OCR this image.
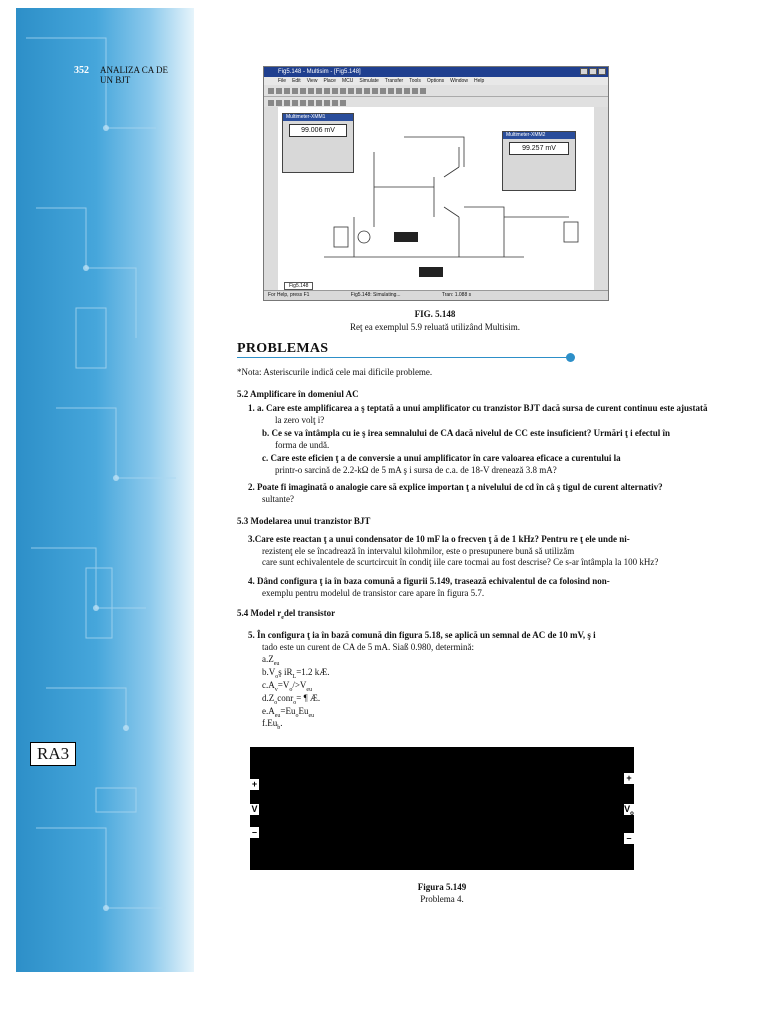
352 ANALIZA CA DE UN BJT
RA3
Fig5.148 - Multisim - [Fig5.148]
File Edit View Place MCU Simulate Transfer Tools Options Window Help
Multimeter-XMM1
99.006 mV
Multimeter-XMM2
99.257 mV
Fig5.148
For Help, press F1	Fig5.148: Simulating...	Tran: 1.088 s
FIG. 5.148
Reţ ea exemplul 5.9 reluată utilizând Multisim.
PROBLEMAS
*Nota: Asteriscurile indică cele mai dificile probleme.
5.2 Amplificare în domeniul AC
1. a. Care este amplificarea a ş teptată a unui amplificator cu tranzistor BJT dacă sursa de curent continuu este ajustată
la zero volţ i?
b. Ce se va întâmpla cu ie ş irea semnalului de CA dacă nivelul de CC este insuficient? Urmări ţ i efectul în
forma de undă.
c. Care este eficien ţ a de conversie a unui amplificator în care valoarea eficace a curentului la
printr-o sarcină de 2.2-kΩ de 5 mA ş i sursa de c.a. de 18-V drenează 3.8 mA?
2. Poate fi imaginată o analogie care să explice importan ţ a nivelului de cd în câ ş tigul de curent alternativ?
sultante?
5.3 Modelarea unui tranzistor BJT
3.Care este reactan ţ a unui condensator de 10 mF la o frecven ţ ă de 1 kHz? Pentru re ţ ele unde ni-
rezistenţ ele se încadrează în intervalul kilohmilor, este o presupunere bună să utilizăm
care sunt echivalentele de scurtcircuit în condiţ iile care tocmai au fost descrise? Ce s-ar întâmpla la 100 kHz?
4. Dând configura ţ ia în baza comună a figurii 5.149, trasează echivalentul de ca folosind non-
exemplu pentru modelul de transistor care apare în figura 5.7.
5.4 Model $r_edel$ transistor
5. În configura ţ ia în bază comună din figura 5.18, se aplică un semnal de AC de 10 mV, ş i
tado este un curent de CA de 5 mA. Siaß 0.980, determină:
$a.Z_{eu}$
$b.V_oş$ $iR_L=1.2$ kÆ.
$c.A_v=V_o/>V_{eu}$
$d.Z_oconr_o=$ ¶ Æ.
$e.A_{eu}=Eu_oEu_{eu}$
$f.Eu_b$.
+
V
–
+
$V_o$
–
Figura 5.149
Problema 4.
